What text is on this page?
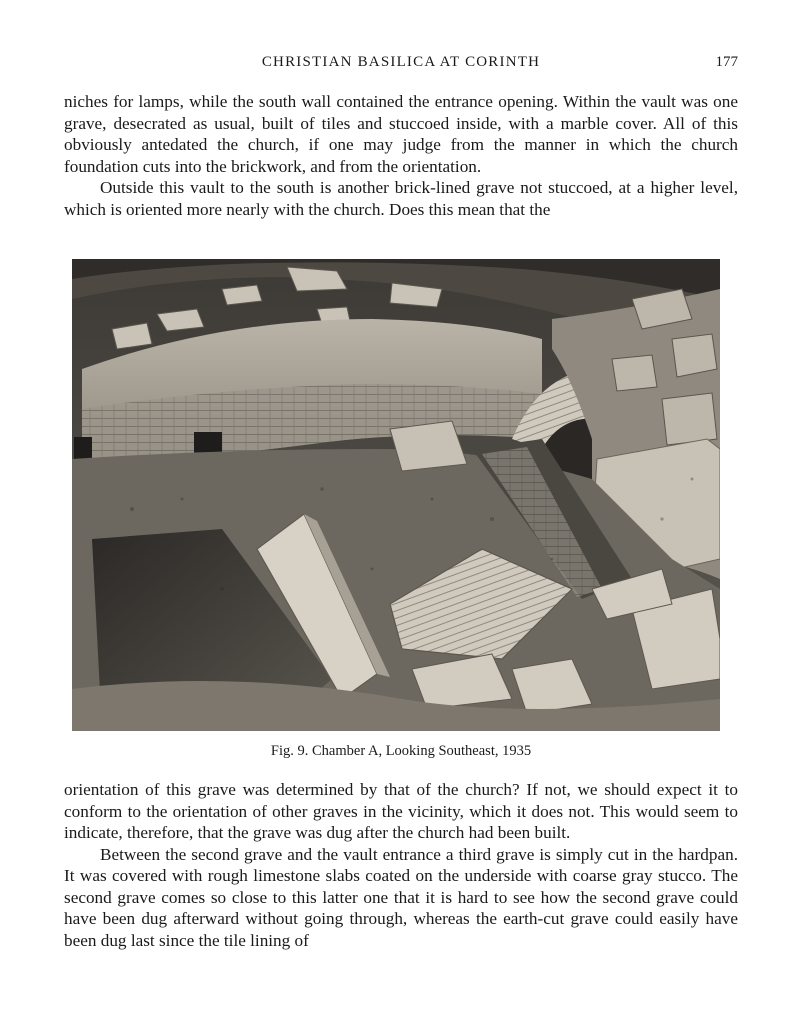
CHRISTIAN BASILICA AT CORINTH	177

niches for lamps, while the south wall contained the entrance opening. Within the vault was one grave, desecrated as usual, built of tiles and stuccoed inside, with a marble cover. All of this obviously antedated the church, if one may judge from the manner in which the church foundation cuts into the brickwork, and from the orientation.

Outside this vault to the south is another brick-lined grave not stuccoed, at a higher level, which is oriented more nearly with the church. Does this mean that the

Fig. 9. Chamber A, Looking Southeast, 1935

orientation of this grave was determined by that of the church? If not, we should expect it to conform to the orientation of other graves in the vicinity, which it does not. This would seem to indicate, therefore, that the grave was dug after the church had been built.

Between the second grave and the vault entrance a third grave is simply cut in the hardpan. It was covered with rough limestone slabs coated on the underside with coarse gray stucco. The second grave comes so close to this latter one that it is hard to see how the second grave could have been dug afterward without going through, whereas the earth-cut grave could easily have been dug last since the tile lining of
